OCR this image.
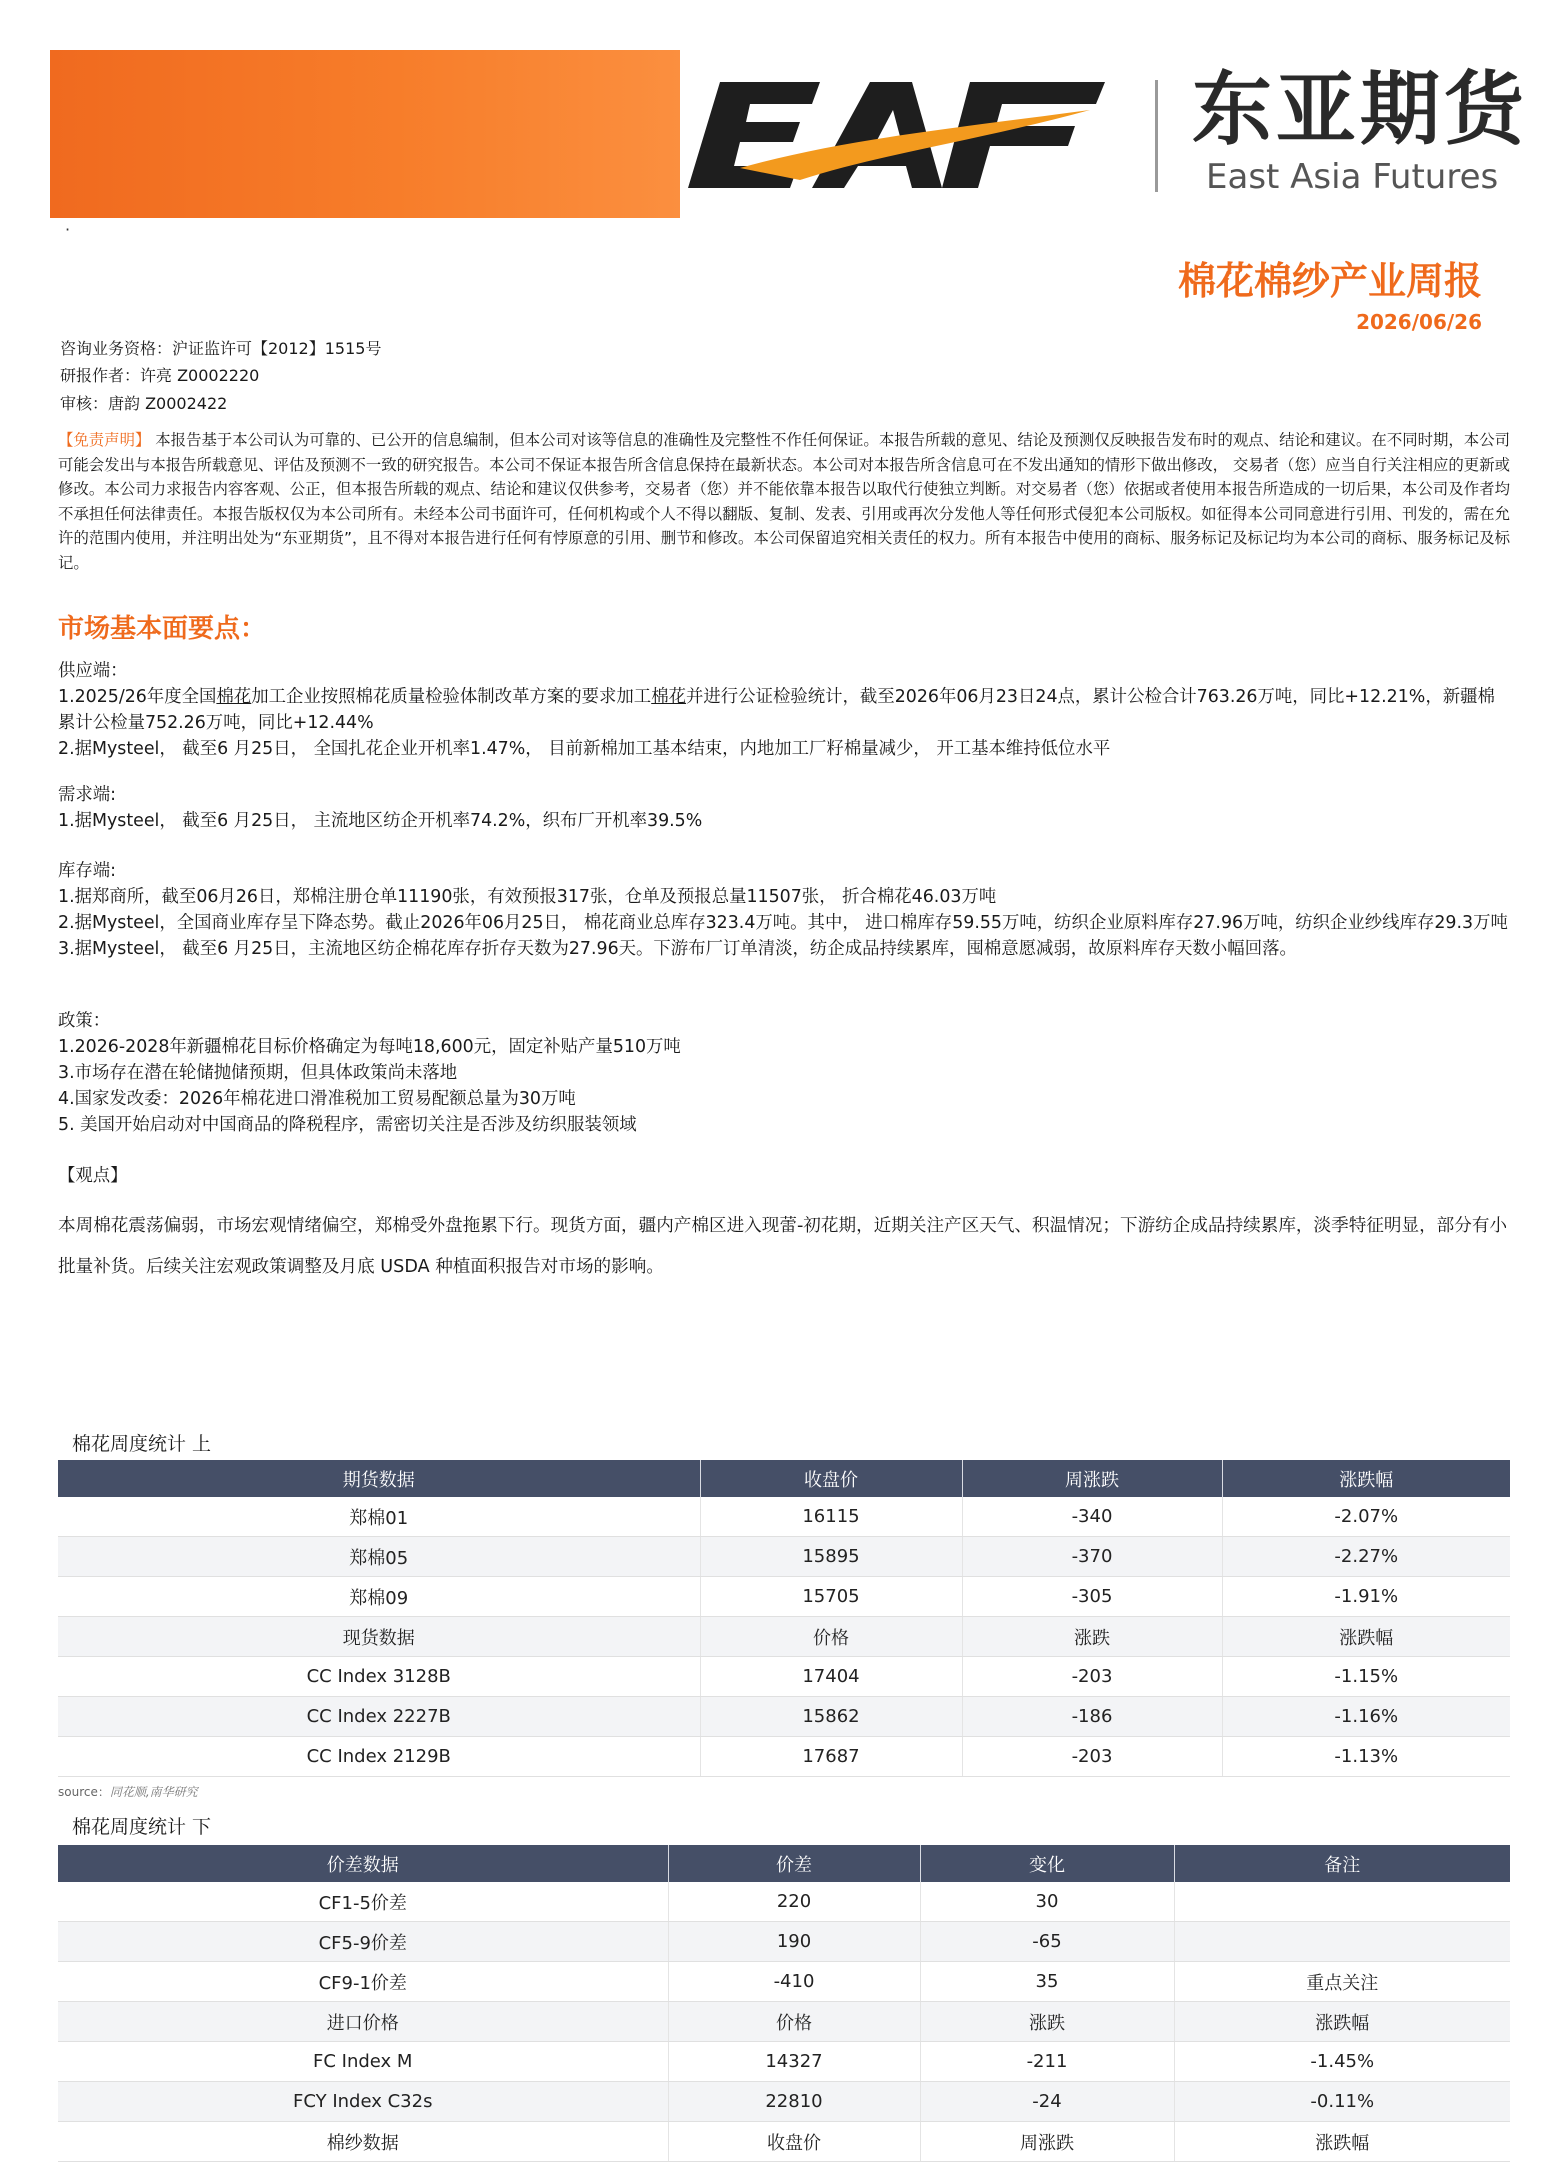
东亚期货
East Asia Futures
·
棉花棉纱产业周报
2026/06/26
咨询业务资格：沪证监许可【2012】1515号
研报作者：许亮 Z0002220
审核：唐韵 Z0002422
【免责声明】 本报告基于本公司认为可靠的、已公开的信息编制，但本公司对该等信息的准确性及完整性不作任何保证。本报告所载的意见、结论及预测仅反映报告发布时的观点、结论和建议。在不同时期，本公司可能会发出与本报告所载意见、评估及预测不一致的研究报告。本公司不保证本报告所含信息保持在最新状态。本公司对本报告所含信息可在不发出通知的情形下做出修改， 交易者（您）应当自行关注相应的更新或修改。本公司力求报告内容客观、公正，但本报告所载的观点、结论和建议仅供参考，交易者（您）并不能依靠本报告以取代行使独立判断。对交易者（您）依据或者使用本报告所造成的一切后果，本公司及作者均不承担任何法律责任。本报告版权仅为本公司所有。未经本公司书面许可，任何机构或个人不得以翻版、复制、发表、引用或再次分发他人等任何形式侵犯本公司版权。如征得本公司同意进行引用、刊发的，需在允许的范围内使用，并注明出处为“东亚期货”，且不得对本报告进行任何有悖原意的引用、删节和修改。本公司保留追究相关责任的权力。所有本报告中使用的商标、服务标记及标记均为本公司的商标、服务标记及标记。
市场基本面要点：
供应端：
1.2025/26年度全国棉花加工企业按照棉花质量检验体制改革方案的要求加工棉花并进行公证检验统计，截至2026年06月23日24点，累计公检合计763.26万吨，同比+12.21%，新疆棉累计公检量752.26万吨，同比+12.44%
2.据Mysteel， 截至6 月25日， 全国扎花企业开机率1.47%， 目前新棉加工基本结束，内地加工厂籽棉量减少， 开工基本维持低位水平
需求端:
1.据Mysteel， 截至6 月25日， 主流地区纺企开机率74.2%，织布厂开机率39.5%
库存端:
1.据郑商所，截至06月26日，郑棉注册仓单11190张，有效预报317张，仓单及预报总量11507张， 折合棉花46.03万吨
2.据Mysteel，全国商业库存呈下降态势。截止2026年06月25日， 棉花商业总库存323.4万吨。其中， 进口棉库存59.55万吨，纺织企业原料库存27.96万吨，纺织企业纱线库存29.3万吨
3.据Mysteel， 截至6 月25日，主流地区纺企棉花库存折存天数为27.96天。下游布厂订单清淡，纺企成品持续累库，囤棉意愿减弱，故原料库存天数小幅回落。
政策：
1.2026-2028年新疆棉花目标价格确定为每吨18,600元，固定补贴产量510万吨
3.市场存在潜在轮储抛储预期，但具体政策尚未落地
4.国家发改委：2026年棉花进口滑准税加工贸易配额总量为30万吨
5. 美国开始启动对中国商品的降税程序，需密切关注是否涉及纺织服装领域
【观点】
本周棉花震荡偏弱，市场宏观情绪偏空，郑棉受外盘拖累下行。现货方面，疆内产棉区进入现蕾-初花期，近期关注产区天气、积温情况；下游纺企成品持续累库，淡季特征明显，部分有小批量补货。后续关注宏观政策调整及月底 USDA 种植面积报告对市场的影响。
棉花周度统计 上
期货数据	收盘价	周涨跌	涨跌幅
郑棉01	16115	-340	-2.07%
郑棉05	15895	-370	-2.27%
郑棉09	15705	-305	-1.91%
现货数据	价格	涨跌	涨跌幅
CC Index 3128B	17404	-203	-1.15%
CC Index 2227B	15862	-186	-1.16%
CC Index 2129B	17687	-203	-1.13%
source：同花顺,南华研究
棉花周度统计 下
价差数据	价差	变化	备注
CF1-5价差	220	30	
CF5-9价差	190	-65	
CF9-1价差	-410	35	重点关注
进口价格	价格	涨跌	涨跌幅
FC Index M	14327	-211	-1.45%
FCY Index C32s	22810	-24	-0.11%
棉纱数据	收盘价	周涨跌	涨跌幅
